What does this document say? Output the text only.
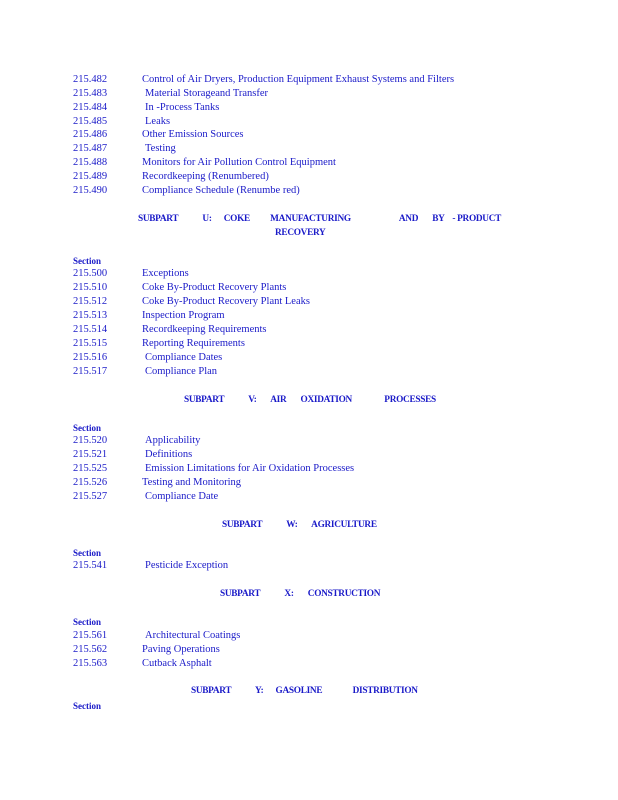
215.482	Control of Air Dryers, Production Equipment Exhaust Systems and Filters
215.483	Material Storageand Transfer
215.484	In -Process Tanks
215.485	Leaks
215.486	Other Emission Sources
215.487	Testing
215.488	Monitors for Air Pollution Control Equipment
215.489	Recordkeeping (Renumbered)
215.490	Compliance Schedule (Renumbe red)
SUBPART            U:      COKE          MANUFACTURING                        AND       BY    - PRODUCT
RECOVERY
Section
215.500	Exceptions
215.510	Coke By-Product Recovery Plants
215.512	Coke By-Product Recovery Plant Leaks
215.513	Inspection Program
215.514	Recordkeeping Requirements
215.515	Reporting Requirements
215.516	Compliance Dates
215.517	Compliance Plan
SUBPART            V:       AIR       OXIDATION                PROCESSES
Section
215.520	Applicability
215.521	Definitions
215.525	Emission Limitations for Air Oxidation Processes
215.526	Testing and Monitoring
215.527	Compliance Date
SUBPART            W:       AGRICULTURE
Section
215.541	Pesticide Exception
SUBPART            X:       CONSTRUCTION
Section
215.561	Architectural Coatings
215.562	Paving Operations
215.563	Cutback Asphalt
SUBPART            Y:      GASOLINE               DISTRIBUTION
Section
